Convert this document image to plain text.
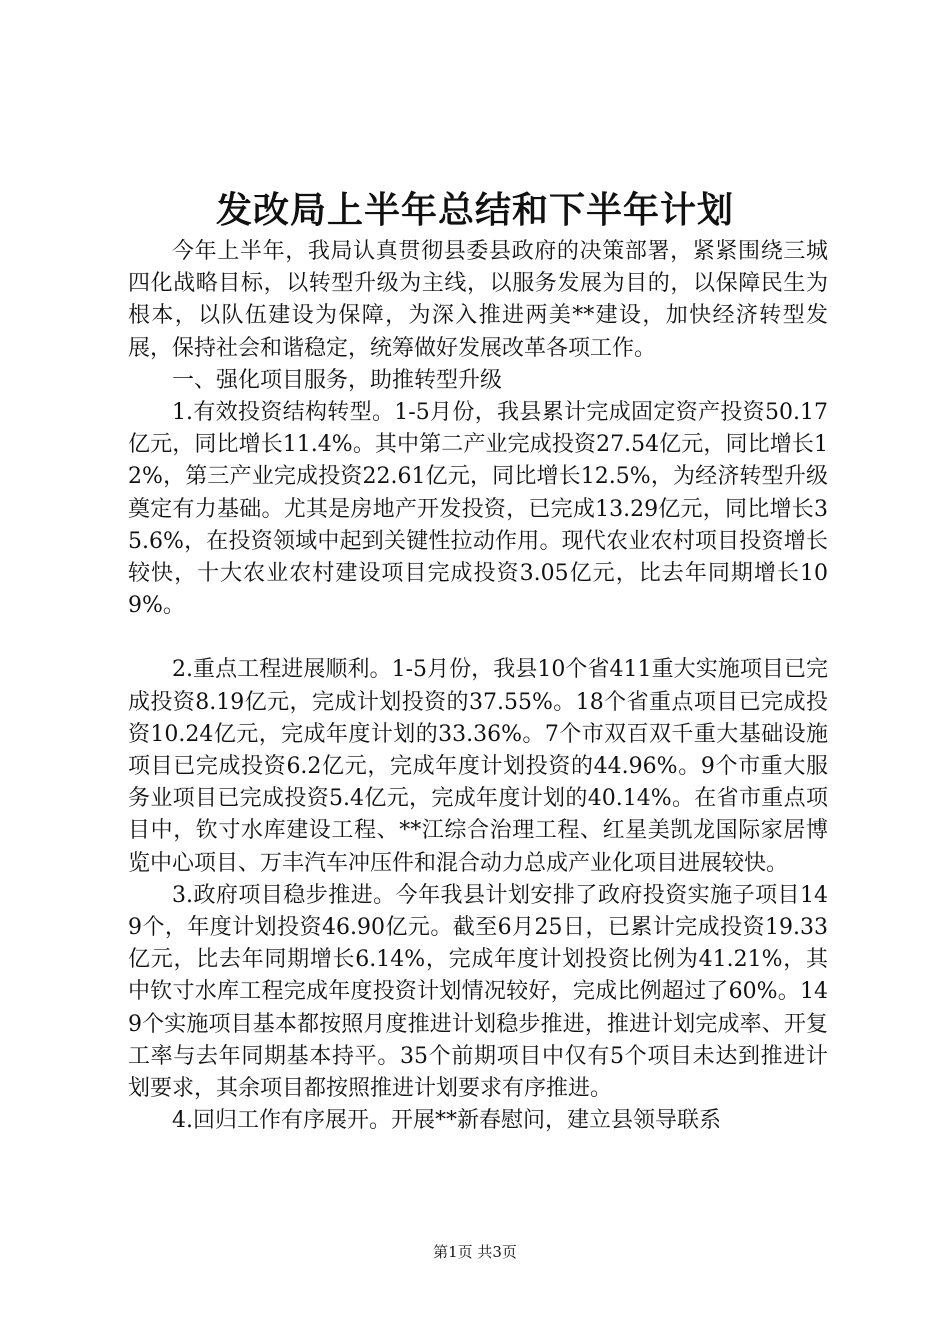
发改局上半年总结和下半年计划

今年上半年，我局认真贯彻县委县政府的决策部署，紧紧围绕三城四化战略目标，以转型升级为主线，以服务发展为目的，以保障民生为根本，以队伍建设为保障，为深入推进两美**建设，加快经济转型发展，保持社会和谐稳定，统筹做好发展改革各项工作。

一、强化项目服务，助推转型升级

1.有效投资结构转型。1-5月份，我县累计完成固定资产投资50.17亿元，同比增长11.4%。其中第二产业完成投资27.54亿元，同比增长12%，第三产业完成投资22.61亿元，同比增长12.5%，为经济转型升级奠定有力基础。尤其是房地产开发投资，已完成13.29亿元，同比增长35.6%，在投资领域中起到关键性拉动作用。现代农业农村项目投资增长较快，十大农业农村建设项目完成投资3.05亿元，比去年同期增长109%。

2.重点工程进展顺利。1-5月份，我县10个省411重大实施项目已完成投资8.19亿元，完成计划投资的37.55%。18个省重点项目已完成投资10.24亿元，完成年度计划的33.36%。7个市双百双千重大基础设施项目已完成投资6.2亿元，完成年度计划投资的44.96%。9个市重大服务业项目已完成投资5.4亿元，完成年度计划的40.14%。在省市重点项目中，钦寸水库建设工程、**江综合治理工程、红星美凯龙国际家居博览中心项目、万丰汽车冲压件和混合动力总成产业化项目进展较快。

3.政府项目稳步推进。今年我县计划安排了政府投资实施子项目149个，年度计划投资46.90亿元。截至6月25日，已累计完成投资19.33亿元，比去年同期增长6.14%，完成年度计划投资比例为41.21%，其中钦寸水库工程完成年度投资计划情况较好，完成比例超过了60%。149个实施项目基本都按照月度推进计划稳步推进，推进计划完成率、开复工率与去年同期基本持平。35个前期项目中仅有5个项目未达到推进计划要求，其余项目都按照推进计划要求有序推进。

4.回归工作有序展开。开展**新春慰问，建立县领导联系

第1页 共3页
